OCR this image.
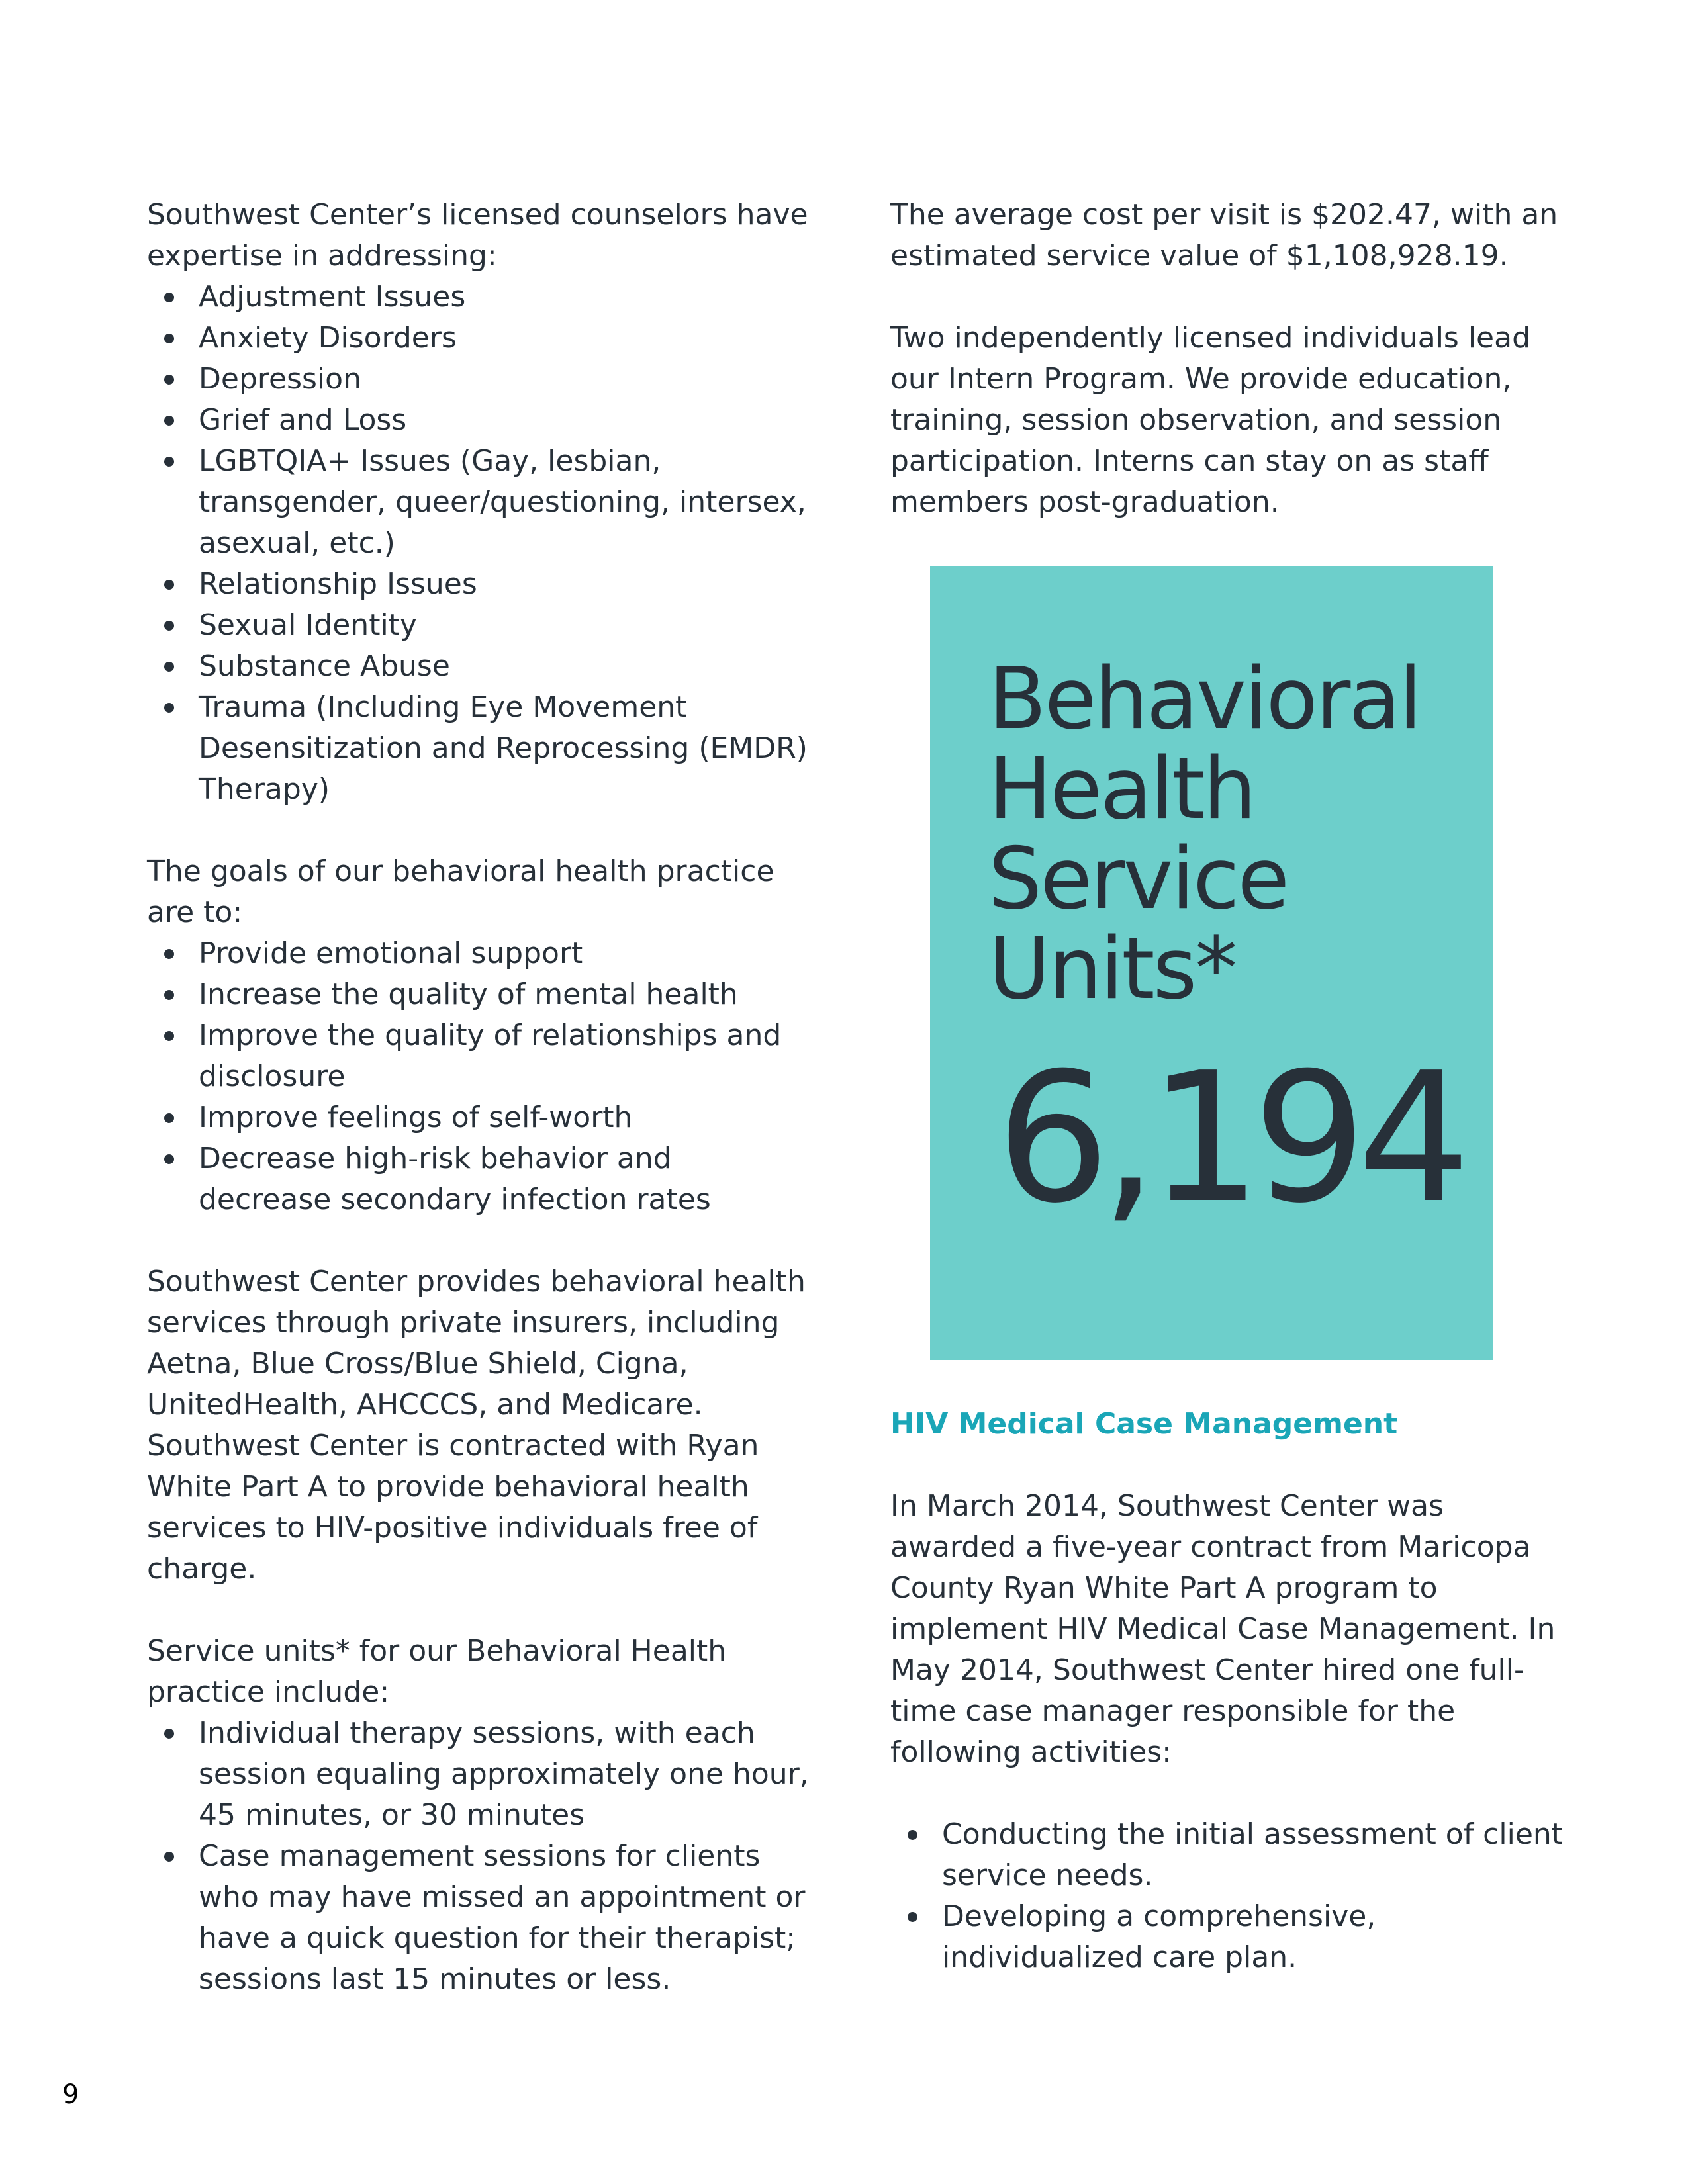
Southwest Center’s licensed counselors have expertise in addressing:

Adjustment Issues
Anxiety Disorders
Depression
Grief and Loss
LGBTQIA+ Issues (Gay, lesbian, transgender, queer/questioning, intersex, asexual, etc.)
Relationship Issues
Sexual Identity
Substance Abuse
Trauma (Including Eye Movement Desensitization and Reprocessing (EMDR) Therapy)

The goals of our behavioral health practice are to:

Provide emotional support
Increase the quality of mental health
Improve the quality of relationships and disclosure
Improve feelings of self-worth
Decrease high-risk behavior and decrease secondary infection rates

Southwest Center provides behavioral health services through private insurers, including Aetna, Blue Cross/Blue Shield, Cigna, UnitedHealth, AHCCCS, and Medicare. Southwest Center is contracted with Ryan White Part A to provide behavioral health services to HIV-positive individuals free of charge.

Service units* for our Behavioral Health practice include:

Individual therapy sessions, with each session equaling approximately one hour, 45 minutes, or 30 minutes
Case management sessions for clients who may have missed an appointment or have a quick question for their therapist; sessions last 15 minutes or less.

The average cost per visit is $202.47, with an estimated service value of $1,108,928.19.

Two independently licensed individuals lead our Intern Program. We provide education, training, session observation, and session participation. Interns can stay on as staff members post-graduation.

Behavioral Health Service Units*
6,194
HIV Medical Case Management

In March 2014, Southwest Center was awarded a five-year contract from Maricopa County Ryan White Part A program to implement HIV Medical Case Management. In May 2014, Southwest Center hired one full-time case manager responsible for the following activities:

Conducting the initial assessment of client service needs.
Developing a comprehensive, individualized care plan.
9
